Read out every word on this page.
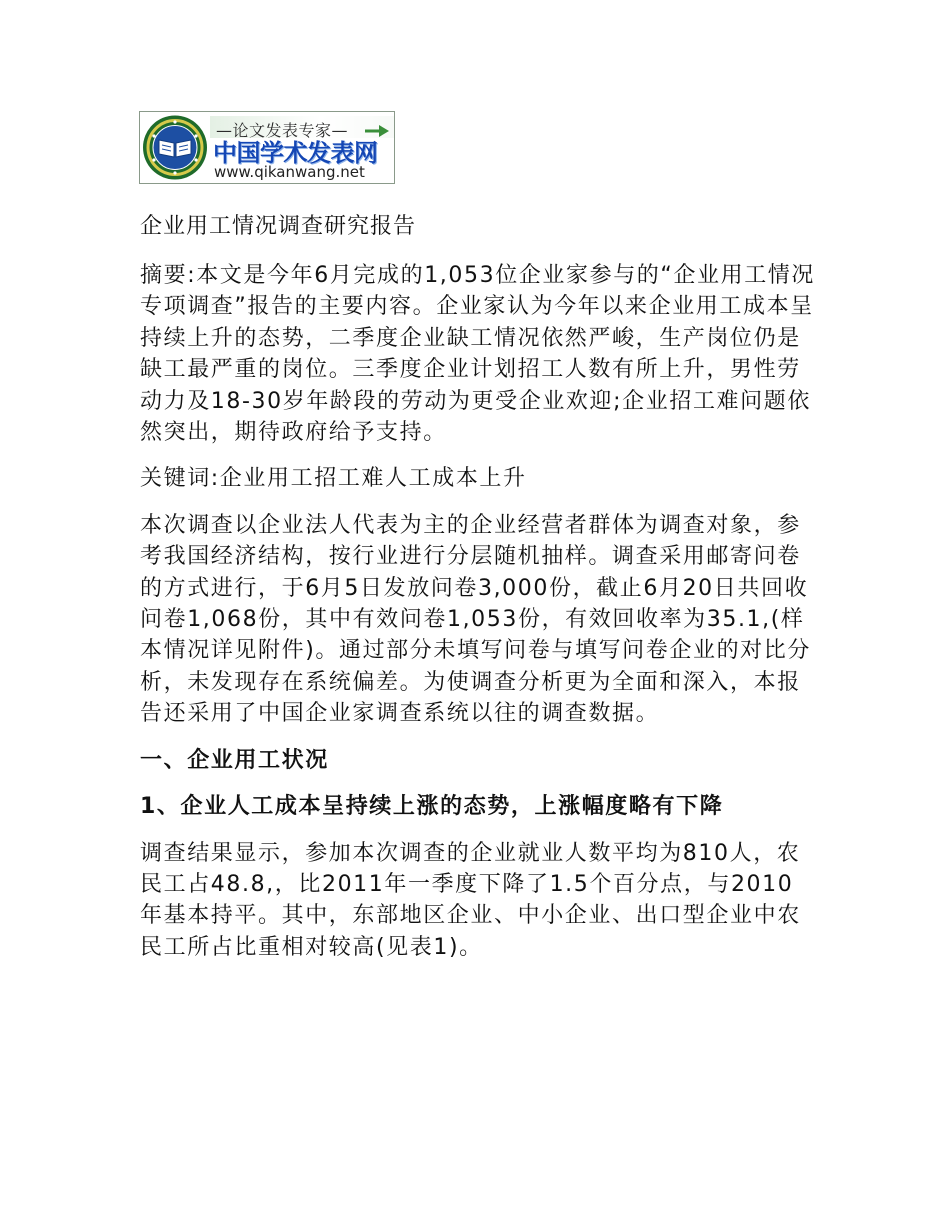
—论文发表专家—
中国学术发表网
www.qikanwang.net
企业用工情况调查研究报告

摘要:本文是今年6月完成的1,053位企业家参与的“企业用工情况专项调查”报告的主要内容。企业家认为今年以来企业用工成本呈持续上升的态势，二季度企业缺工情况依然严峻，生产岗位仍是缺工最严重的岗位。三季度企业计划招工人数有所上升，男性劳动力及18-30岁年龄段的劳动为更受企业欢迎;企业招工难问题依然突出，期待政府给予支持。

关键词:企业用工招工难人工成本上升

本次调查以企业法人代表为主的企业经营者群体为调查对象，参考我国经济结构，按行业进行分层随机抽样。调查采用邮寄问卷的方式进行，于6月5日发放问卷3,000份，截止6月20日共回收问卷1,068份，其中有效问卷1,053份，有效回收率为35.1,(样本情况详见附件)。通过部分未填写问卷与填写问卷企业的对比分析，未发现存在系统偏差。为使调查分析更为全面和深入，本报告还采用了中国企业家调查系统以往的调查数据。

一、企业用工状况
1、企业人工成本呈持续上涨的态势，上涨幅度略有下降

调查结果显示，参加本次调查的企业就业人数平均为810人，农民工占48.8,，比2011年一季度下降了1.5个百分点，与2010年基本持平。其中，东部地区企业、中小企业、出口型企业中农民工所占比重相对较高(见表1)。
